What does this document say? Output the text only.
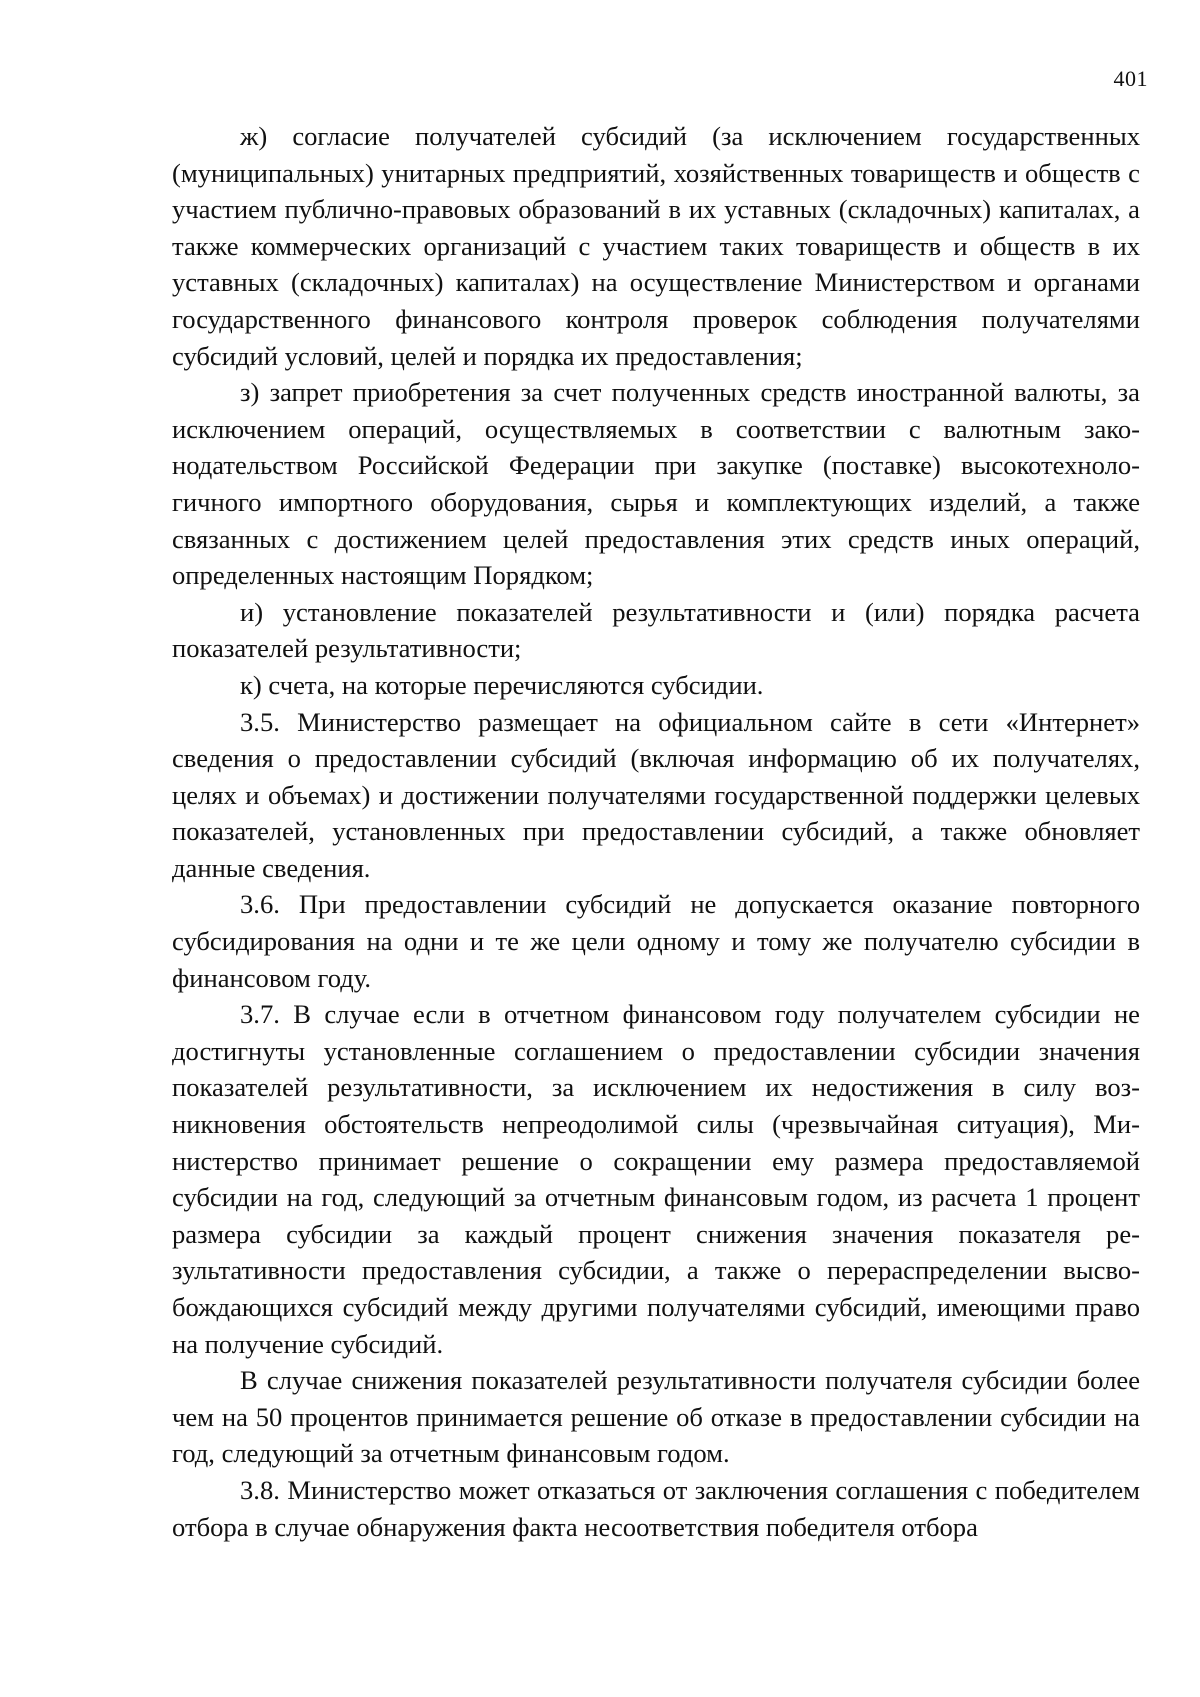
401

ж) согласие получателей субсидий (за исключением государственных (муниципальных) унитарных предприятий, хозяйственных товариществ и обществ с участием публично-правовых образований в их уставных (складочных) капиталах, а также коммерческих организаций с участием таких товариществ и обществ в их уставных (складочных) капиталах) на осуществление Министерством и органами государственного финансового контроля проверок соблюдения получателями субсидий условий, целей и порядка их предоставления;

з) запрет приобретения за счет полученных средств иностранной валюты, за исключением операций, осуществляемых в соответствии с валютным законодательством Российской Федерации при закупке (поставке) высокотехнологичного импортного оборудования, сырья и комплектующих изделий, а также связанных с достижением целей предоставления этих средств иных операций, определенных настоящим Порядком;

и) установление показателей результативности и (или) порядка расчета показателей результативности;

к) счета, на которые перечисляются субсидии.

3.5. Министерство размещает на официальном сайте в сети «Интернет» сведения о предоставлении субсидий (включая информацию об их получателях, целях и объемах) и достижении получателями государственной поддержки целевых показателей, установленных при предоставлении субсидий, а также обновляет данные сведения.

3.6. При предоставлении субсидий не допускается оказание повторного субсидирования на одни и те же цели одному и тому же получателю субсидии в финансовом году.

3.7. В случае если в отчетном финансовом году получателем субсидии не достигнуты установленные соглашением о предоставлении субсидии значения показателей результативности, за исключением их недостижения в силу возникновения обстоятельств непреодолимой силы (чрезвычайная ситуация), Министерство принимает решение о сокращении ему размера предоставляемой субсидии на год, следующий за отчетным финансовым годом, из расчета 1 процент размера субсидии за каждый процент снижения значения показателя результативности предоставления субсидии, а также о перераспределении высвобождающихся субсидий между другими получателями субсидий, имеющими право на получение субсидий.

В случае снижения показателей результативности получателя субсидии более чем на 50 процентов принимается решение об отказе в предоставлении субсидии на год, следующий за отчетным финансовым годом.

3.8. Министерство может отказаться от заключения соглашения с победителем отбора в случае обнаружения факта несоответствия победителя отбора
